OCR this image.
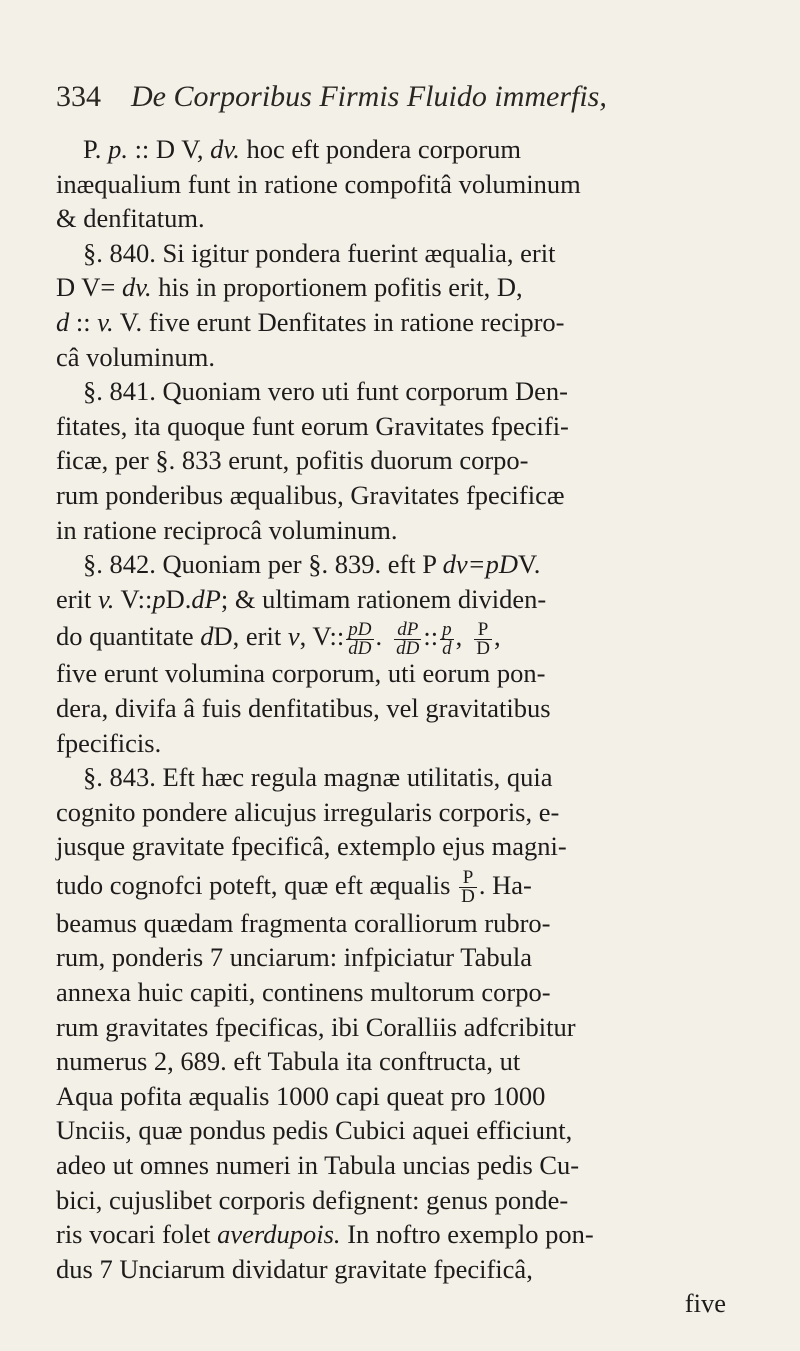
334 De Corporibus Firmis Fluido immerfis,
P. p. :: D V, dv. hoc eft pondera corporum
inæqualium funt in ratione compofitâ voluminum
& denfitatum.
§. 840. Si igitur pondera fuerint æqualia, erit
D V= dv. his in proportionem pofitis erit, D,
d :: v. V. five erunt Denfitates in ratione recipro-
câ voluminum.
§. 841. Quoniam vero uti funt corporum Den-
fitates, ita quoque funt eorum Gravitates fpecifi-
ficæ, per §. 833 erunt, pofitis duorum corpo-
rum ponderibus æqualibus, Gravitates fpecificæ
in ratione reciprocâ voluminum.
§. 842. Quoniam per §. 839. eft P dv=pDV.
erit v. V::pD.dP; & ultimam rationem dividen-
do quantitate dD, erit v, V:: $\frac{pD}{dD}$ . $\frac{dP}{dD}$ :: $\frac{p}{d}$ , $\frac{P}{D}$ ,
five erunt volumina corporum, uti eorum pon-
dera, divifa â fuis denfitatibus, vel gravitatibus
fpecificis.
§. 843. Eft hæc regula magnæ utilitatis, quia
cognito pondere alicujus irregularis corporis, e-
jusque gravitate fpecificâ, extemplo ejus magni-
tudo cognofci poteft, quæ eft æqualis $\frac{P}{D}$ . Ha-
beamus quædam fragmenta coralliorum rubro-
rum, ponderis 7 unciarum: infpiciatur Tabula
annexa huic capiti, continens multorum corpo-
rum gravitates fpecificas, ibi Coralliis adfcribitur
numerus 2, 689. eft Tabula ita conftructa, ut
Aqua pofita æqualis 1000 capi queat pro 1000
Unciis, quæ pondus pedis Cubici aquei efficiunt,
adeo ut omnes numeri in Tabula uncias pedis Cu-
bici, cujuslibet corporis defignent: genus ponde-
ris vocari folet averdupois. In noftro exemplo pon-
dus 7 Unciarum dividatur gravitate fpecificâ,
five
